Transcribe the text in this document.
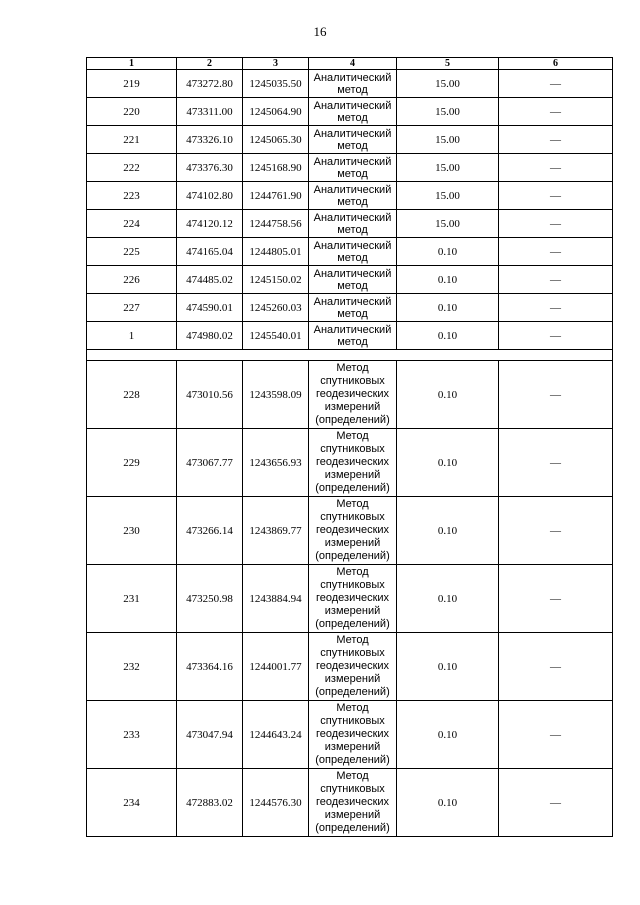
16
1	2	3	4	5	6
219	473272.80	1245035.50	Аналитический метод	15.00	—
220	473311.00	1245064.90	Аналитический метод	15.00	—
221	473326.10	1245065.30	Аналитический метод	15.00	—
222	473376.30	1245168.90	Аналитический метод	15.00	—
223	474102.80	1244761.90	Аналитический метод	15.00	—
224	474120.12	1244758.56	Аналитический метод	15.00	—
225	474165.04	1244805.01	Аналитический метод	0.10	—
226	474485.02	1245150.02	Аналитический метод	0.10	—
227	474590.01	1245260.03	Аналитический метод	0.10	—
1	474980.02	1245540.01	Аналитический метод	0.10	—

228	473010.56	1243598.09	Метод спутниковых геодезических измерений (определений)	0.10	—
229	473067.77	1243656.93	Метод спутниковых геодезических измерений (определений)	0.10	—
230	473266.14	1243869.77	Метод спутниковых геодезических измерений (определений)	0.10	—
231	473250.98	1243884.94	Метод спутниковых геодезических измерений (определений)	0.10	—
232	473364.16	1244001.77	Метод спутниковых геодезических измерений (определений)	0.10	—
233	473047.94	1244643.24	Метод спутниковых геодезических измерений (определений)	0.10	—
234	472883.02	1244576.30	Метод спутниковых геодезических измерений (определений)	0.10	—
